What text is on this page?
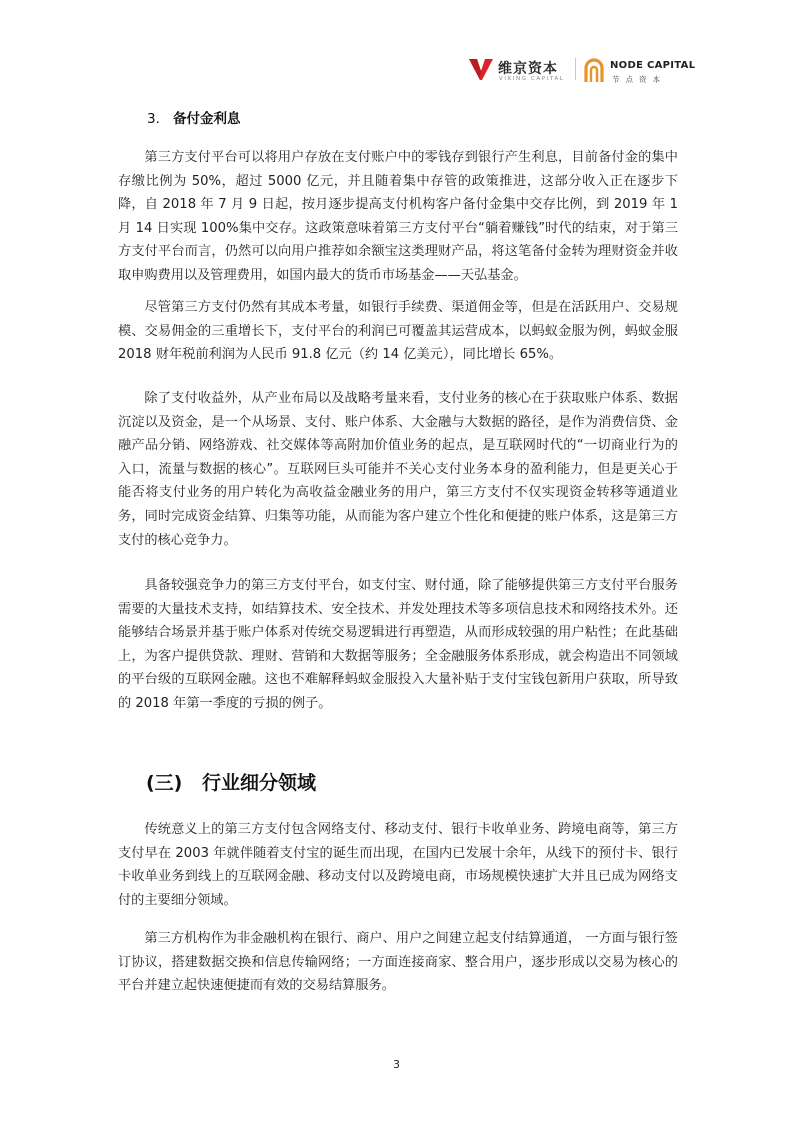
维京资本
VIKING CAPITAL
NODE CAPITAL
节点资本
3. 备付金利息

第三方支付平台可以将用户存放在支付账户中的零钱存到银行产生利息，目前备付金的集中存缴比例为 50%，超过 5000 亿元，并且随着集中存管的政策推进，这部分收入正在逐步下降，自 2018 年 7 月 9 日起，按月逐步提高支付机构客户备付金集中交存比例，到 2019 年 1 月 14 日实现 100%集中交存。这政策意味着第三方支付平台“躺着赚钱”时代的结束，对于第三方支付平台而言，仍然可以向用户推荐如余额宝这类理财产品，将这笔备付金转为理财资金并收取申购费用以及管理费用，如国内最大的货币市场基金——天弘基金。

尽管第三方支付仍然有其成本考量，如银行手续费、渠道佣金等，但是在活跃用户、交易规模、交易佣金的三重增长下，支付平台的利润已可覆盖其运营成本，以蚂蚁金服为例，蚂蚁金服 2018 财年税前利润为人民币 91.8 亿元（约 14 亿美元），同比增长 65%。

除了支付收益外，从产业布局以及战略考量来看，支付业务的核心在于获取账户体系、数据沉淀以及资金，是一个从场景、支付、账户体系、大金融与大数据的路径，是作为消费信贷、金融产品分销、网络游戏、社交媒体等高附加价值业务的起点，是互联网时代的“一切商业行为的入口，流量与数据的核心”。互联网巨头可能并不关心支付业务本身的盈利能力，但是更关心于能否将支付业务的用户转化为高收益金融业务的用户，第三方支付不仅实现资金转移等通道业务，同时完成资金结算、归集等功能，从而能为客户建立个性化和便捷的账户体系，这是第三方支付的核心竞争力。

具备较强竞争力的第三方支付平台，如支付宝、财付通，除了能够提供第三方支付平台服务需要的大量技术支持，如结算技术、安全技术、并发处理技术等多项信息技术和网络技术外。还能够结合场景并基于账户体系对传统交易逻辑进行再塑造，从而形成较强的用户粘性；在此基础上，为客户提供贷款、理财、营销和大数据等服务；全金融服务体系形成，就会构造出不同领域的平台级的互联网金融。这也不难解释蚂蚁金服投入大量补贴于支付宝钱包新用户获取，所导致的 2018 年第一季度的亏损的例子。

(三) 行业细分领域

传统意义上的第三方支付包含网络支付、移动支付、银行卡收单业务、跨境电商等，第三方支付早在 2003 年就伴随着支付宝的诞生而出现，在国内已发展十余年，从线下的预付卡、银行卡收单业务到线上的互联网金融、移动支付以及跨境电商，市场规模快速扩大并且已成为网络支付的主要细分领域。

第三方机构作为非金融机构在银行、商户、用户之间建立起支付结算通道， 一方面与银行签订协议，搭建数据交换和信息传输网络；一方面连接商家、整合用户，逐步形成以交易为核心的平台并建立起快速便捷而有效的交易结算服务。

3
